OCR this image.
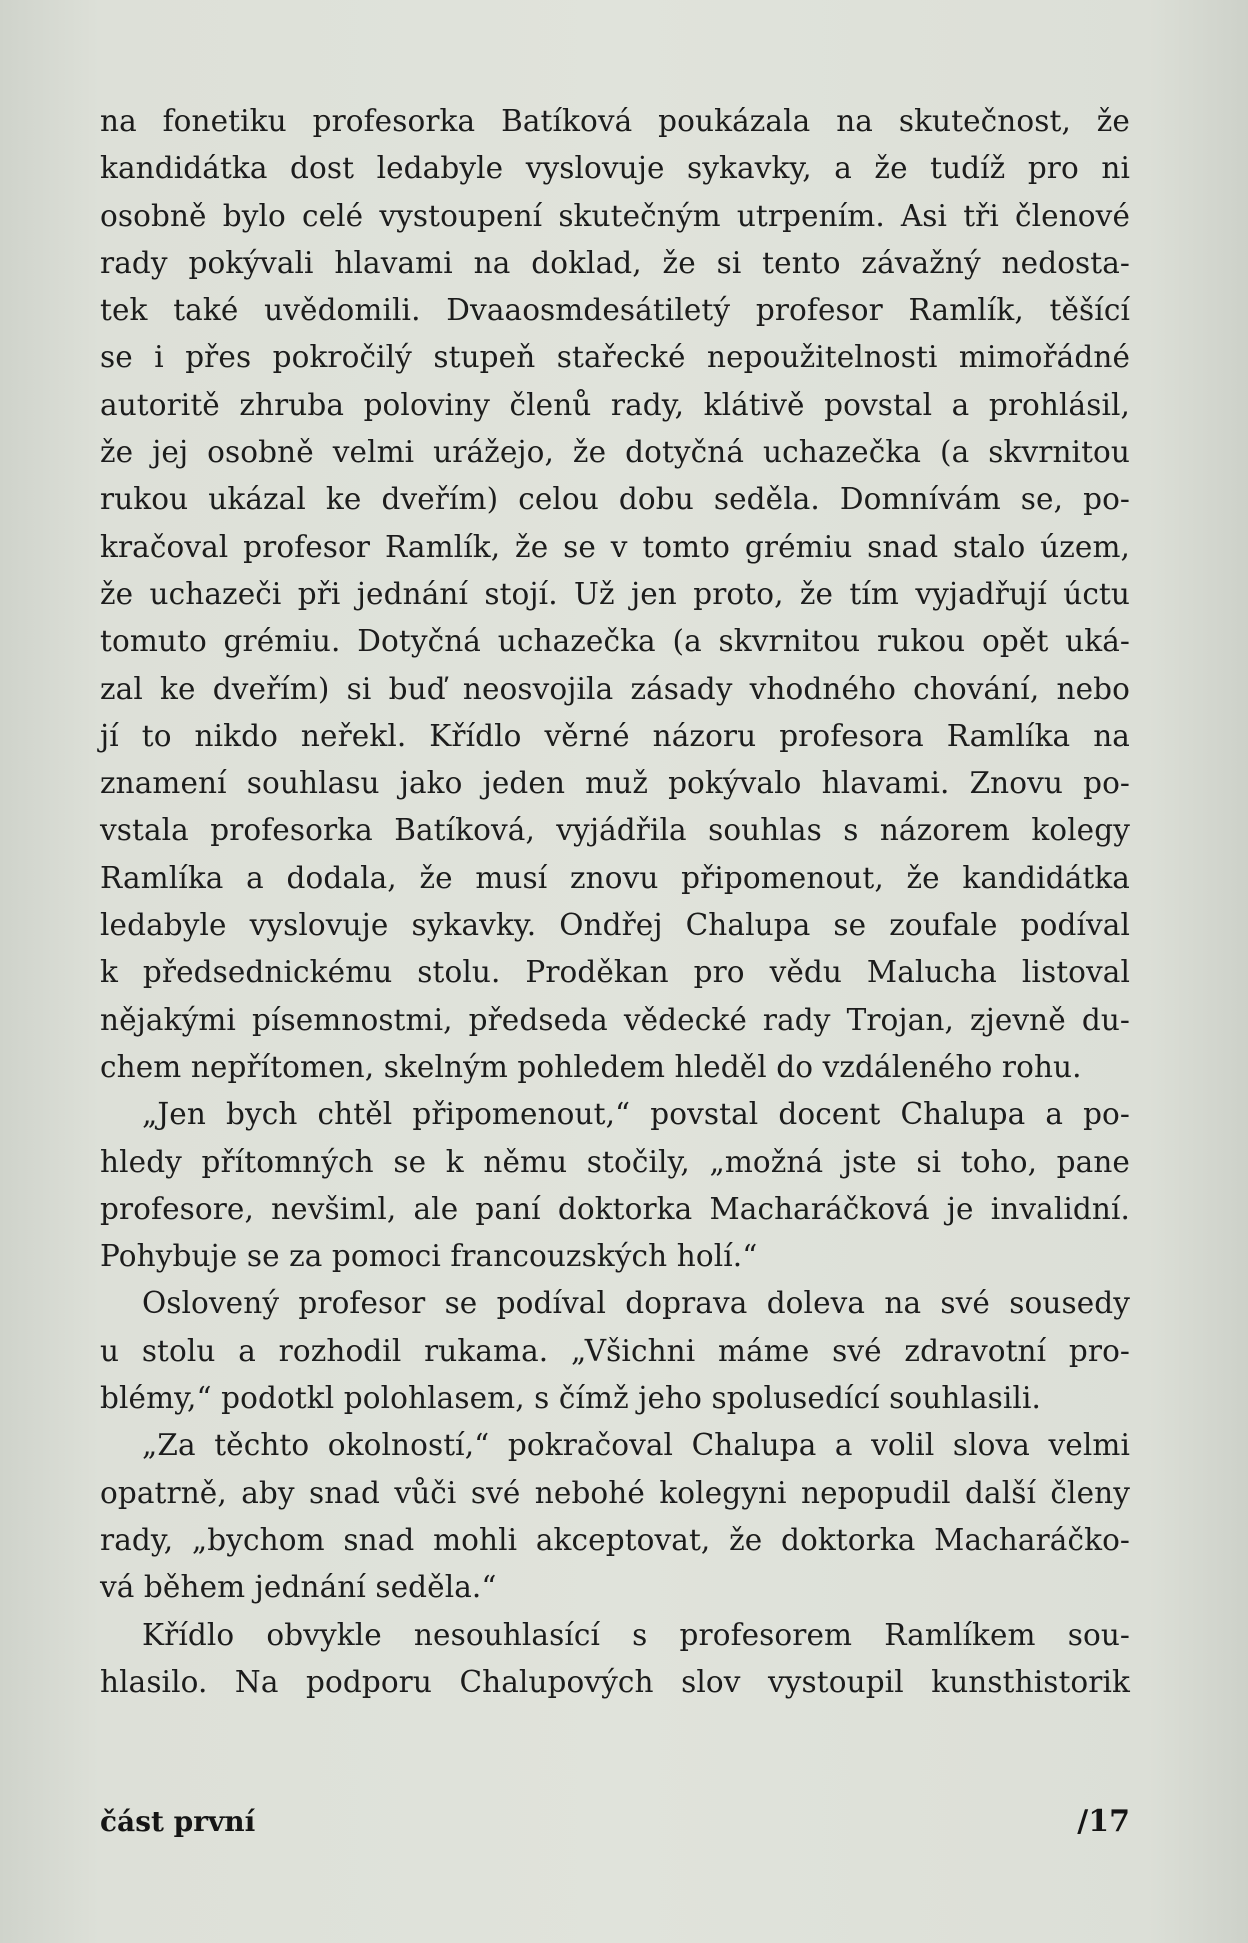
na fonetiku profesorka Batíková poukázala na skutečnost, že
kandidátka dost ledabyle vyslovuje sykavky, a že tudíž pro ni
osobně bylo celé vystoupení skutečným utrpením. Asi tři členové
rady pokývali hlavami na doklad, že si tento závažný nedosta-
tek také uvědomili. Dvaaosmdesátiletý profesor Ramlík, těšící
se i přes pokročilý stupeň stařecké nepoužitelnosti mimořádné
autoritě zhruba poloviny členů rady, klátivě povstal a prohlásil,
že jej osobně velmi urážejo, že dotyčná uchazečka (a skvrnitou
rukou ukázal ke dveřím) celou dobu seděla. Domnívám se, po-
kračoval profesor Ramlík, že se v tomto grémiu snad stalo územ,
že uchazeči při jednání stojí. Už jen proto, že tím vyjadřují úctu
tomuto grémiu. Dotyčná uchazečka (a skvrnitou rukou opět uká-
zal ke dveřím) si buď neosvojila zásady vhodného chování, nebo
jí to nikdo neřekl. Křídlo věrné názoru profesora Ramlíka na
znamení souhlasu jako jeden muž pokývalo hlavami. Znovu po-
vstala profesorka Batíková, vyjádřila souhlas s názorem kolegy
Ramlíka a dodala, že musí znovu připomenout, že kandidátka
ledabyle vyslovuje sykavky. Ondřej Chalupa se zoufale podíval
k předsednickému stolu. Proděkan pro vědu Malucha listoval
nějakými písemnostmi, předseda vědecké rady Trojan, zjevně du-
chem nepřítomen, skelným pohledem hleděl do vzdáleného rohu.
„Jen bych chtěl připomenout,“ povstal docent Chalupa a po-
hledy přítomných se k němu stočily, „možná jste si toho, pane
profesore, nevšiml, ale paní doktorka Macharáčková je invalidní.
Pohybuje se za pomoci francouzských holí.“
Oslovený profesor se podíval doprava doleva na své sousedy
u stolu a rozhodil rukama. „Všichni máme své zdravotní pro-
blémy,“ podotkl polohlasem, s čímž jeho spolusedící souhlasili.
„Za těchto okolností,“ pokračoval Chalupa a volil slova velmi
opatrně, aby snad vůči své nebohé kolegyni nepopudil další členy
rady, „bychom snad mohli akceptovat, že doktorka Macharáčko-
vá během jednání seděla.“
Křídlo obvykle nesouhlasící s profesorem Ramlíkem sou-
hlasilo. Na podporu Chalupových slov vystoupil kunsthistorik
část první	/17
